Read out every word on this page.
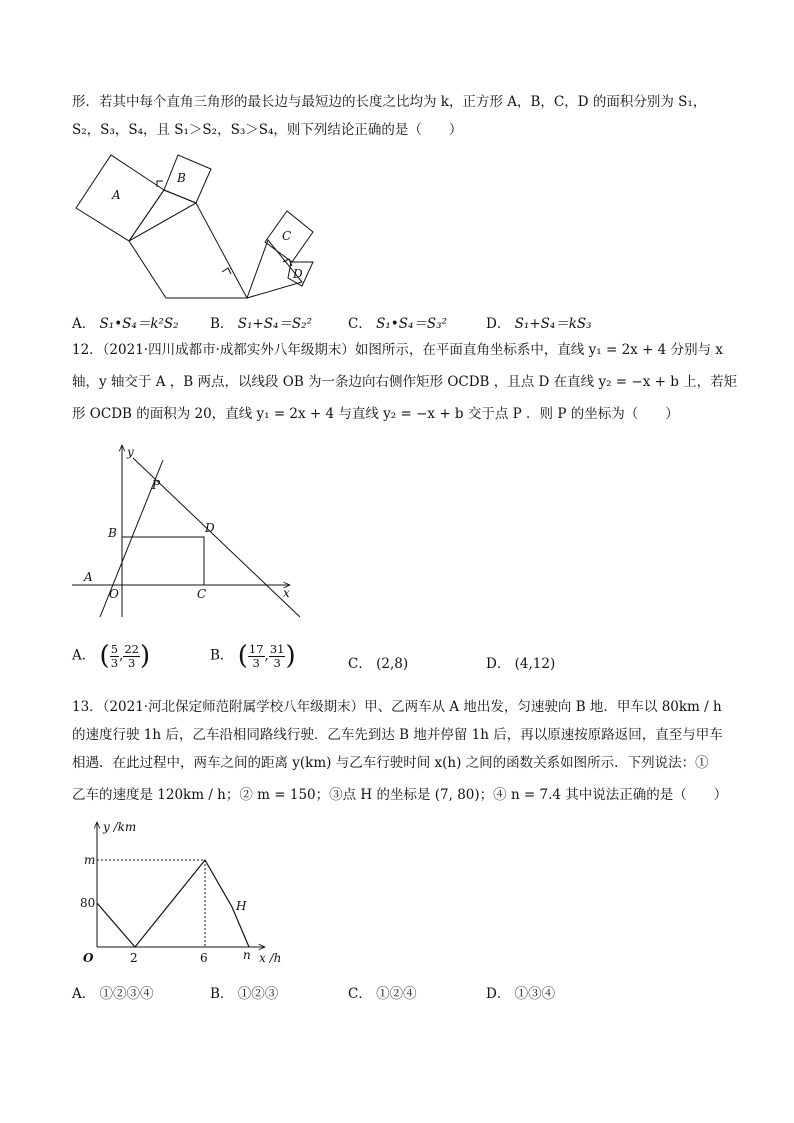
形．若其中每个直角三角形的最长边与最短边的长度之比均为 k，正方形 A，B，C，D 的面积分别为 S₁，
S₂，S₃，S₄，且 S₁＞S₂，S₃＞S₄，则下列结论正确的是（　　）
A
B
C
D
A． S₁•S₄＝k²S₂ B． S₁+S₄＝S₂²	C． S₁•S₄＝S₃²	D． S₁+S₄＝kS₃
12．（2021·四川成都市·成都实外八年级期末）如图所示，在平面直角坐标系中，直线 y₁ = 2x + 4 分别与 x
轴，y 轴交于 A ，B 两点，以线段 OB 为一条边向右侧作矩形 OCDB ，且点 D 在直线 y₂ = −x + b 上，若矩
形 OCDB 的面积为 20，直线 y₁ = 2x + 4 与直线 y₂ = −x + b 交于点 P ．则 P 的坐标为（　　）
y
x
P
B	D
A
O	C
A． ( $\frac{5}{3}$ , $\frac{22}{3}$ )	B． ( $\frac{17}{3}$ , $\frac{31}{3}$ )	C． (2,8)	D． (4,12)
13．（2021·河北保定师范附属学校八年级期末）甲、乙两车从 A 地出发，匀速驶向 B 地．甲车以 80km / h
的速度行驶 1h 后，乙车沿相同路线行驶．乙车先到达 B 地并停留 1h 后，再以原速按原路返回，直至与甲车
相遇．在此过程中，两车之间的距离 y(km) 与乙车行驶时间 x(h) 之间的函数关系如图所示．下列说法：①
乙车的速度是 120km / h；② m = 150；③点 H 的坐标是 (7, 80)；④ n = 7.4 其中说法正确的是（　　）
y /km
m
80
O	2	6	n x /h
H
A． ①②③④	B． ①②③	C． ①②④	D． ①③④
